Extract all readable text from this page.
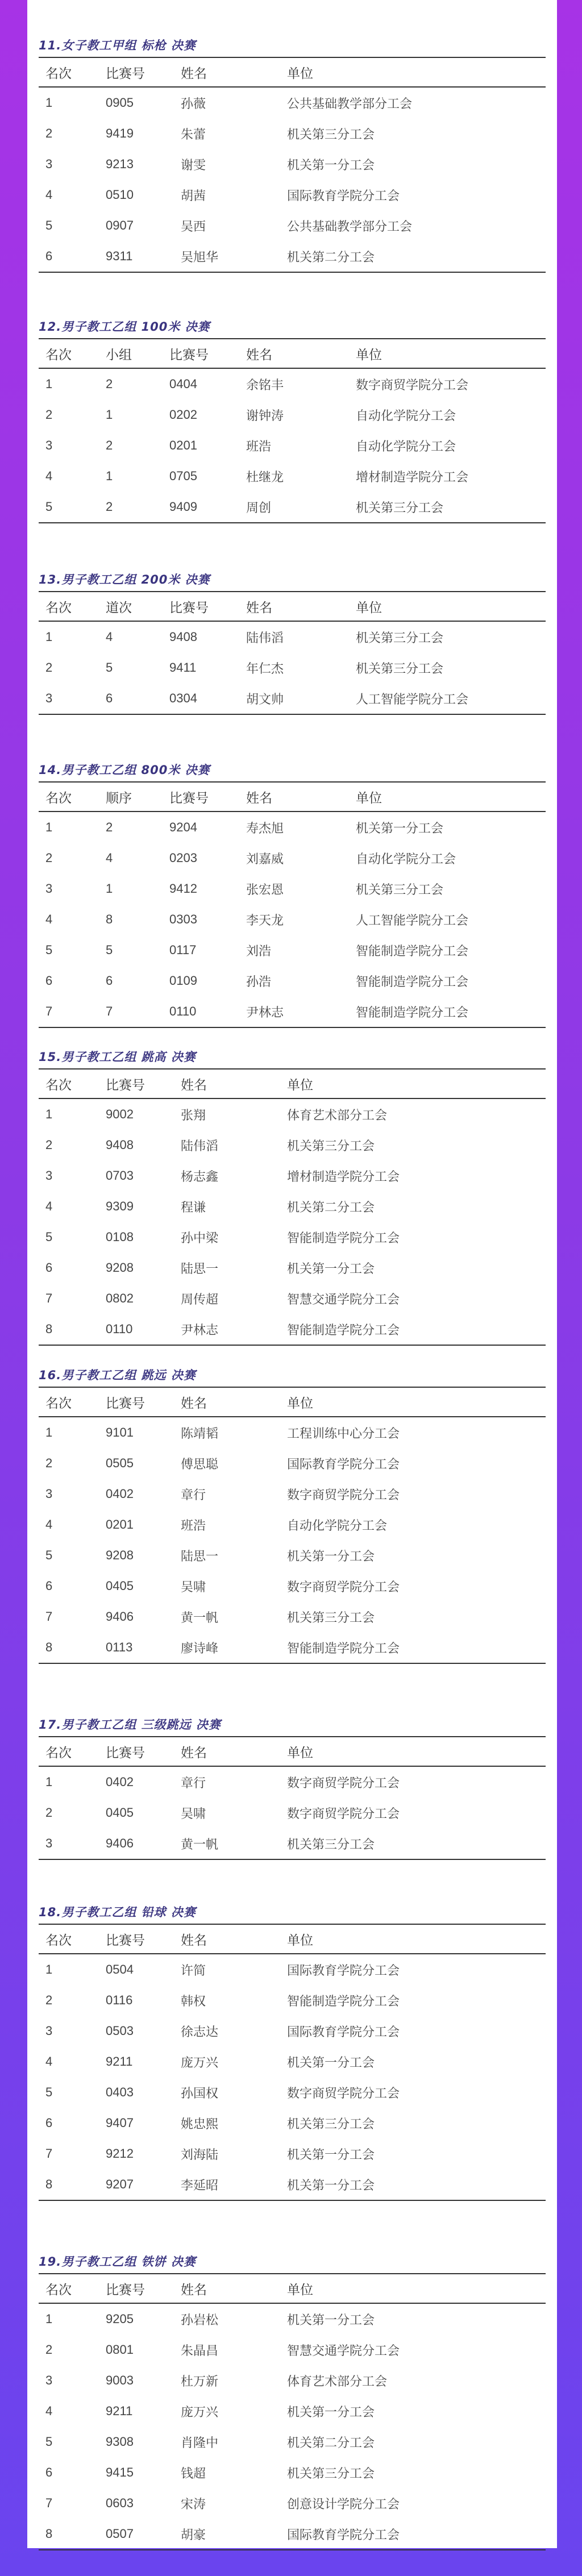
11.女子教工甲组 标枪 决赛
名次	比赛号	姓名	单位
1	0905	孙薇	公共基础教学部分工会
2	9419	朱蕾	机关第三分工会
3	9213	谢雯	机关第一分工会
4	0510	胡茜	国际教育学院分工会
5	0907	吴西	公共基础教学部分工会
6	9311	吴旭华	机关第二分工会
12.男子教工乙组 100米 决赛
名次	小组	比赛号	姓名	单位
1	2	0404	余铭丰	数字商贸学院分工会
2	1	0202	谢钟涛	自动化学院分工会
3	2	0201	班浩	自动化学院分工会
4	1	0705	杜继龙	增材制造学院分工会
5	2	9409	周创	机关第三分工会
13.男子教工乙组 200米 决赛
名次	道次	比赛号	姓名	单位
1	4	9408	陆伟滔	机关第三分工会
2	5	9411	年仁杰	机关第三分工会
3	6	0304	胡文帅	人工智能学院分工会
14.男子教工乙组 800米 决赛
名次	顺序	比赛号	姓名	单位
1	2	9204	寿杰旭	机关第一分工会
2	4	0203	刘嘉威	自动化学院分工会
3	1	9412	张宏恩	机关第三分工会
4	8	0303	李天龙	人工智能学院分工会
5	5	0117	刘浩	智能制造学院分工会
6	6	0109	孙浩	智能制造学院分工会
7	7	0110	尹林志	智能制造学院分工会
15.男子教工乙组 跳高 决赛
名次	比赛号	姓名	单位
1	9002	张翔	体育艺术部分工会
2	9408	陆伟滔	机关第三分工会
3	0703	杨志鑫	增材制造学院分工会
4	9309	程谦	机关第二分工会
5	0108	孙中梁	智能制造学院分工会
6	9208	陆思一	机关第一分工会
7	0802	周传超	智慧交通学院分工会
8	0110	尹林志	智能制造学院分工会
16.男子教工乙组 跳远 决赛
名次	比赛号	姓名	单位
1	9101	陈靖韬	工程训练中心分工会
2	0505	傅思聪	国际教育学院分工会
3	0402	章行	数字商贸学院分工会
4	0201	班浩	自动化学院分工会
5	9208	陆思一	机关第一分工会
6	0405	吴啸	数字商贸学院分工会
7	9406	黄一帆	机关第三分工会
8	0113	廖诗峰	智能制造学院分工会
17.男子教工乙组 三级跳远 决赛
名次	比赛号	姓名	单位
1	0402	章行	数字商贸学院分工会
2	0405	吴啸	数字商贸学院分工会
3	9406	黄一帆	机关第三分工会
18.男子教工乙组 铅球 决赛
名次	比赛号	姓名	单位
1	0504	许简	国际教育学院分工会
2	0116	韩权	智能制造学院分工会
3	0503	徐志达	国际教育学院分工会
4	9211	庞万兴	机关第一分工会
5	0403	孙国权	数字商贸学院分工会
6	9407	姚忠熙	机关第三分工会
7	9212	刘海陆	机关第一分工会
8	9207	李延昭	机关第一分工会
19.男子教工乙组 铁饼 决赛
名次	比赛号	姓名	单位
1	9205	孙岩松	机关第一分工会
2	0801	朱晶昌	智慧交通学院分工会
3	9003	杜万新	体育艺术部分工会
4	9211	庞万兴	机关第一分工会
5	9308	肖隆中	机关第二分工会
6	9415	钱超	机关第三分工会
7	0603	宋涛	创意设计学院分工会
8	0507	胡豪	国际教育学院分工会
